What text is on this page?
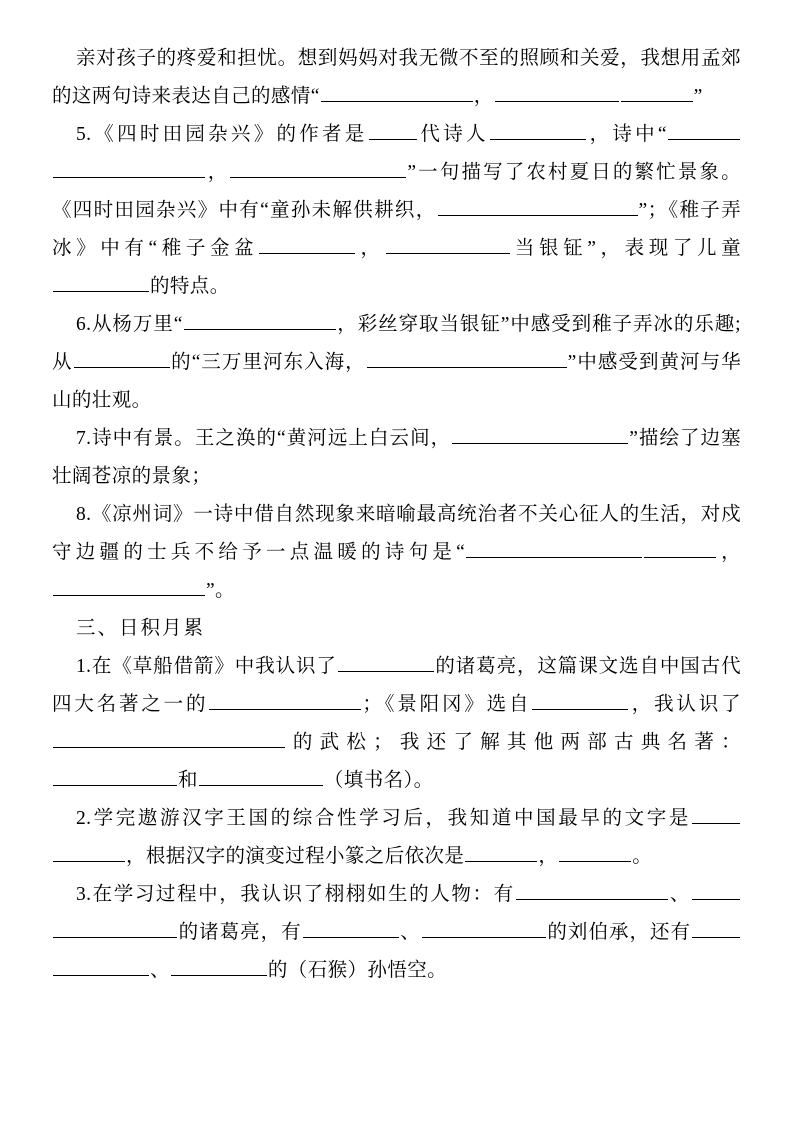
亲对孩子的疼爱和担忧。想到妈妈对我无微不至的照顾和关爱，我想用孟郊的这两句诗来表达自己的感情“	，	”

5.《四时田园杂兴》的作者是	代诗人	，诗中“，	”一句描写了农村夏日的繁忙景象。《四时田园杂兴》中有“童孙未解供耕织，	”；《稚子弄冰》中有“稚子金盆	，	当银钲”，表现了儿童的特点。

6.从杨万里“	，彩丝穿取当银钲”中感受到稚子弄冰的乐趣; 从	的“三万里河东入海，	”中感受到黄河与华山的壮观。

7.诗中有景。王之涣的“黄河远上白云间，	”描绘了边塞壮阔苍凉的景象；

8.《凉州词》一诗中借自然现象来暗喻最高统治者不关心征人的生活，对戍守边疆的士兵不给予一点温暖的诗句是“	，”。

三、日积月累

1.在《草船借箭》中我认识了	的诸葛亮，这篇课文选自中国古代四大名著之一的	；《景阳冈》选自	，我认识了的武松；我还了解其他两部古典名著：和	（填书名）。

2.学完遨游汉字王国的综合性学习后，我知道中国最早的文字是，根据汉字的演变过程小篆之后依次是	，	。

3.在学习过程中，我认识了栩栩如生的人物：有	、的诸葛亮，有	、	的刘伯承，还有、	的（石猴）孙悟空。
